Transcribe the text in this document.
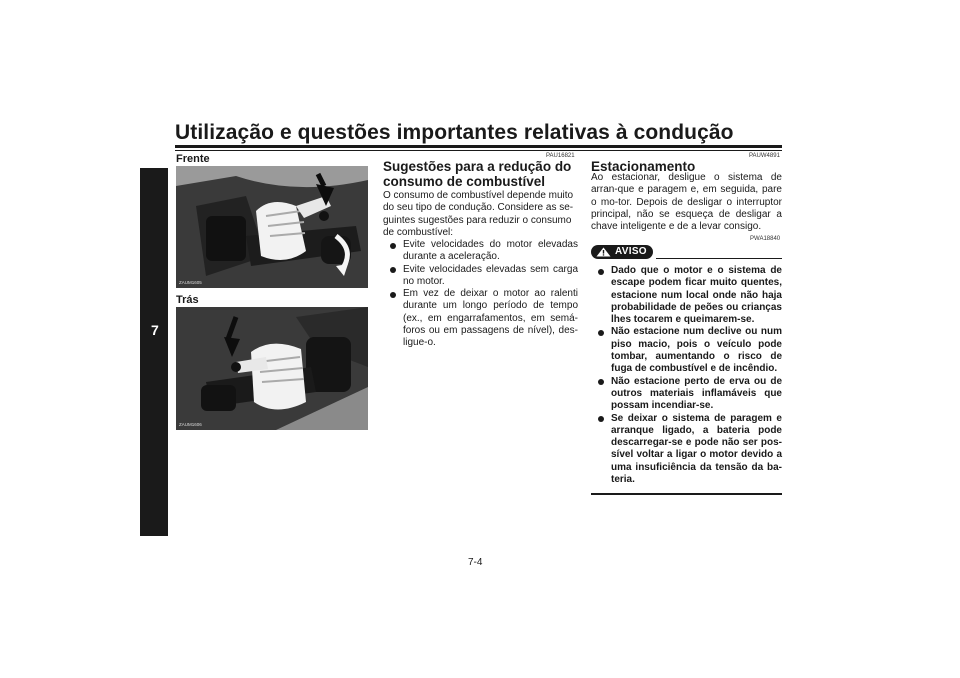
Utilização e questões importantes relativas à condução
7
Frente
ZAUM1605
Trás
ZAUM1606
PAU16821
Sugestões para a redução do
consumo de combustível
O consumo de combustível depende muito
do seu tipo de condução. Considere as se-
guintes sugestões para reduzir o consumo
de combustível:
Evite velocidades do motor elevadas durante a aceleração.
Evite velocidades elevadas sem carga no motor.
Em vez de deixar o motor ao ralenti durante um longo período de tempo (ex., em engarrafamentos, em semá-foros ou em passagens de nível), des-ligue-o.
PAUW4891
Estacionamento
Ao estacionar, desligue o sistema de arran-que e paragem e, em seguida, pare o mo-tor. Depois de desligar o interruptor principal, não se esqueça de desligar a chave inteligente e de a levar consigo.
PWA18840
AVISO
Dado que o motor e o sistema de escape podem ficar muito quentes, estacione num local onde não haja probabilidade de peões ou crianças lhes tocarem e queimarem-se.
Não estacione num declive ou num piso macio, pois o veículo pode tombar, aumentando o risco de fuga de combustível e de incêndio.
Não estacione perto de erva ou de outros materiais inflamáveis que possam incendiar-se.
Se deixar o sistema de paragem e arranque ligado, a bateria pode descarregar-se e pode não ser pos-sível voltar a ligar o motor devido a uma insuficiência da tensão da ba-teria.
7-4
